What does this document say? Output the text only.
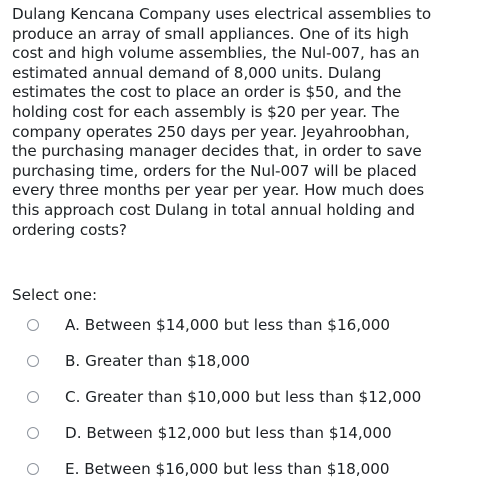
Dulang Kencana Company uses electrical assemblies to
produce an array of small appliances. One of its high
cost and high volume assemblies, the Nul-007, has an
estimated annual demand of 8,000 units. Dulang
estimates the cost to place an order is $50, and the
holding cost for each assembly is $20 per year. The
company operates 250 days per year. Jeyahroobhan,
the purchasing manager decides that, in order to save
purchasing time, orders for the Nul-007 will be placed
every three months per year per year. How much does
this approach cost Dulang in total annual holding and
ordering costs?

Select one:

A. Between $14,000 but less than $16,000
B. Greater than $18,000
C. Greater than $10,000 but less than $12,000
D. Between $12,000 but less than $14,000
E. Between $16,000 but less than $18,000
